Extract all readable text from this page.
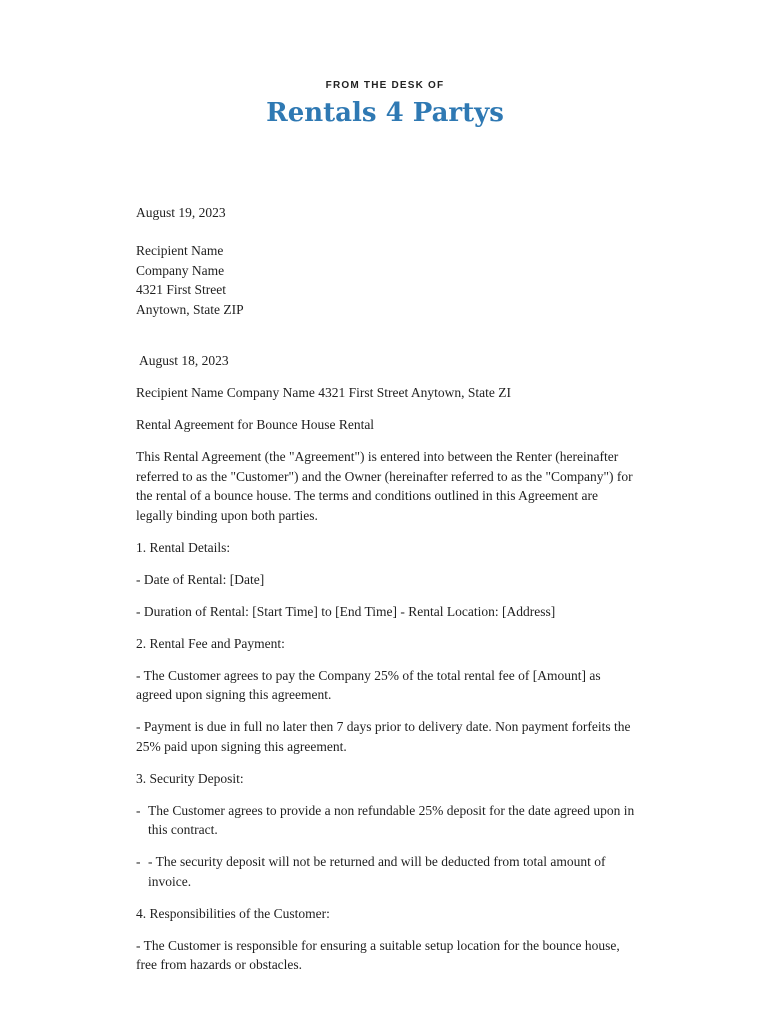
FROM THE DESK OF
Rentals 4 Partys
August 19, 2023
Recipient Name
Company Name
4321 First Street
Anytown, State ZIP

August 18, 2023

Recipient Name Company Name 4321 First Street Anytown, State ZI

Rental Agreement for Bounce House Rental

This Rental Agreement (the "Agreement") is entered into between the Renter (hereinafter referred to as the "Customer") and the Owner (hereinafter referred to as the "Company") for the rental of a bounce house. The terms and conditions outlined in this Agreement are legally binding upon both parties.

1. Rental Details:

- Date of Rental: [Date]

- Duration of Rental: [Start Time] to [End Time] - Rental Location: [Address]

2. Rental Fee and Payment:

- The Customer agrees to pay the Company 25% of the total rental fee of [Amount] as agreed upon signing this agreement.

- Payment is due in full no later then 7 days prior to delivery date. Non payment forfeits the 25% paid upon signing this agreement.

3. Security Deposit:

- The Customer agrees to provide a non refundable 25% deposit for the date agreed upon in this contract.
- - The security deposit will not be returned and will be deducted from total amount of invoice.

4. Responsibilities of the Customer:

- The Customer is responsible for ensuring a suitable setup location for the bounce house, free from hazards or obstacles.
